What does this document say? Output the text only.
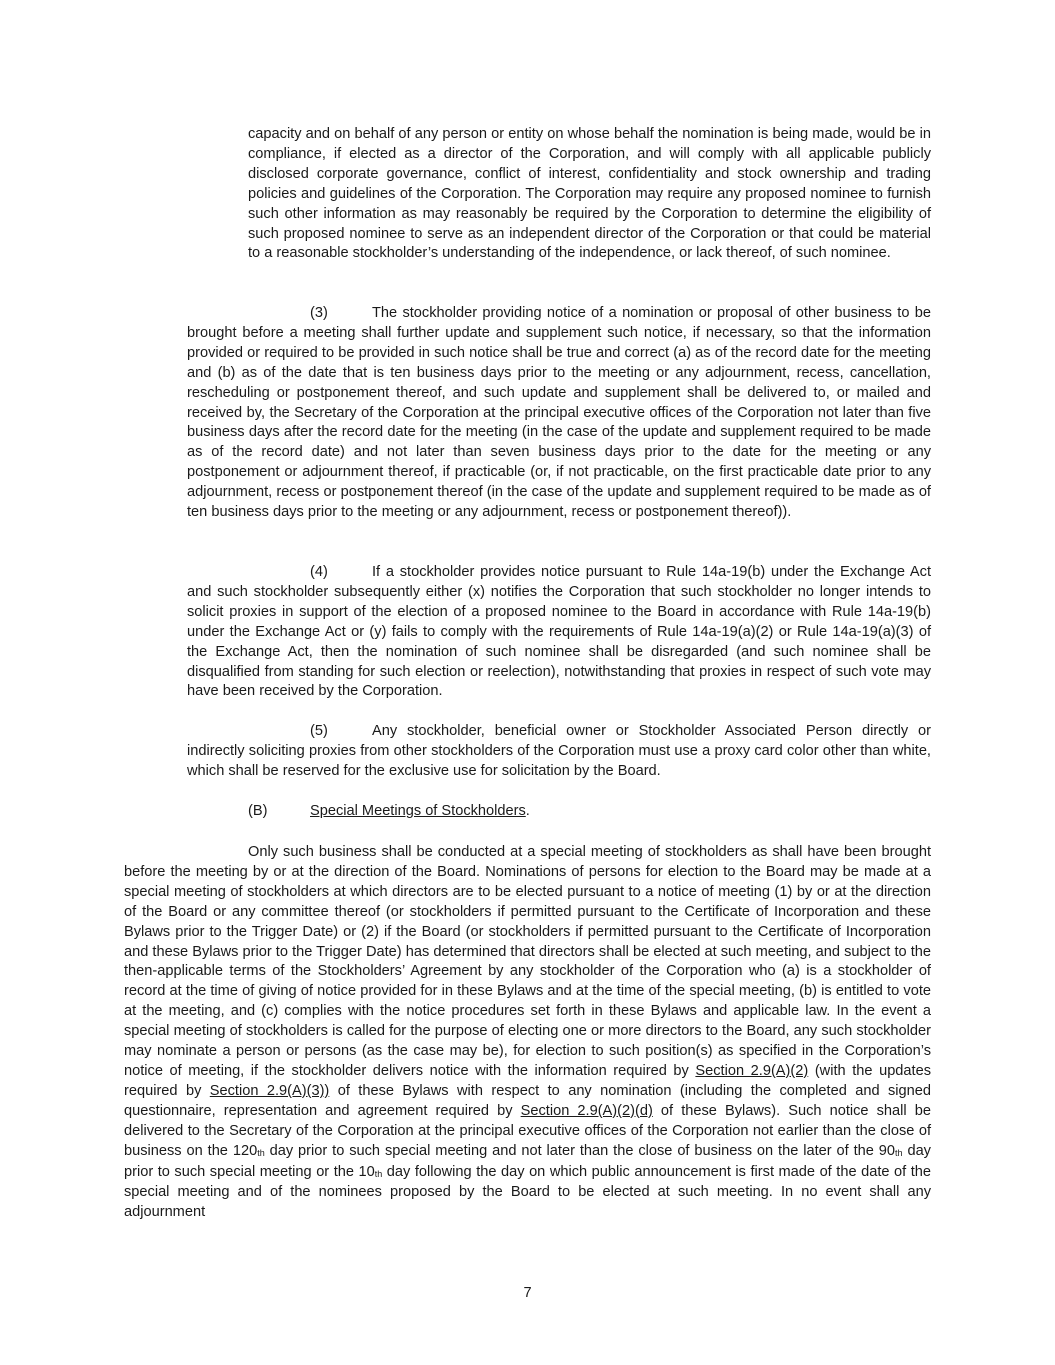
capacity and on behalf of any person or entity on whose behalf the nomination is being made, would be in compliance, if elected as a director of the Corporation, and will comply with all applicable publicly disclosed corporate governance, conflict of interest, confidentiality and stock ownership and trading policies and guidelines of the Corporation. The Corporation may require any proposed nominee to furnish such other information as may reasonably be required by the Corporation to determine the eligibility of such proposed nominee to serve as an independent director of the Corporation or that could be material to a reasonable stockholder’s understanding of the independence, or lack thereof, of such nominee.

(3)	The stockholder providing notice of a nomination or proposal of other business to be brought before a meeting shall further update and supplement such notice, if necessary, so that the information provided or required to be provided in such notice shall be true and correct (a) as of the record date for the meeting and (b) as of the date that is ten business days prior to the meeting or any adjournment, recess, cancellation, rescheduling or postponement thereof, and such update and supplement shall be delivered to, or mailed and received by, the Secretary of the Corporation at the principal executive offices of the Corporation not later than five business days after the record date for the meeting (in the case of the update and supplement required to be made as of the record date) and not later than seven business days prior to the date for the meeting or any postponement or adjournment thereof, if practicable (or, if not practicable, on the first practicable date prior to any adjournment, recess or postponement thereof (in the case of the update and supplement required to be made as of ten business days prior to the meeting or any adjournment, recess or postponement thereof)).

(4)	If a stockholder provides notice pursuant to Rule 14a-19(b) under the Exchange Act and such stockholder subsequently either (x) notifies the Corporation that such stockholder no longer intends to solicit proxies in support of the election of a proposed nominee to the Board in accordance with Rule 14a-19(b) under the Exchange Act or (y) fails to comply with the requirements of Rule 14a-19(a)(2) or Rule 14a-19(a)(3) of the Exchange Act, then the nomination of such nominee shall be disregarded (and such nominee shall be disqualified from standing for such election or reelection), notwithstanding that proxies in respect of such vote may have been received by the Corporation.

(5)	Any stockholder, beneficial owner or Stockholder Associated Person directly or indirectly soliciting proxies from other stockholders of the Corporation must use a proxy card color other than white, which shall be reserved for the exclusive use for solicitation by the Board.

(B)	Special Meetings of Stockholders.

Only such business shall be conducted at a special meeting of stockholders as shall have been brought before the meeting by or at the direction of the Board. Nominations of persons for election to the Board may be made at a special meeting of stockholders at which directors are to be elected pursuant to a notice of meeting (1) by or at the direction of the Board or any committee thereof (or stockholders if permitted pursuant to the Certificate of Incorporation and these Bylaws prior to the Trigger Date) or (2) if the Board (or stockholders if permitted pursuant to the Certificate of Incorporation and these Bylaws prior to the Trigger Date) has determined that directors shall be elected at such meeting, and subject to the then-applicable terms of the Stockholders’ Agreement by any stockholder of the Corporation who (a) is a stockholder of record at the time of giving of notice provided for in these Bylaws and at the time of the special meeting, (b) is entitled to vote at the meeting, and (c) complies with the notice procedures set forth in these Bylaws and applicable law. In the event a special meeting of stockholders is called for the purpose of electing one or more directors to the Board, any such stockholder may nominate a person or persons (as the case may be), for election to such position(s) as specified in the Corporation’s notice of meeting, if the stockholder delivers notice with the information required by Section 2.9(A)(2) (with the updates required by Section 2.9(A)(3)) of these Bylaws with respect to any nomination (including the completed and signed questionnaire, representation and agreement required by Section 2.9(A)(2)(d) of these Bylaws). Such notice shall be delivered to the Secretary of the Corporation at the principal executive offices of the Corporation not earlier than the close of business on the $120_{th}$ day prior to such special meeting and not later than the close of business on the later of the $90_{th}$ day prior to such special meeting or the $10_{th}$ day following the day on which public announcement is first made of the date of the special meeting and of the nominees proposed by the Board to be elected at such meeting. In no event shall any adjournment

7
